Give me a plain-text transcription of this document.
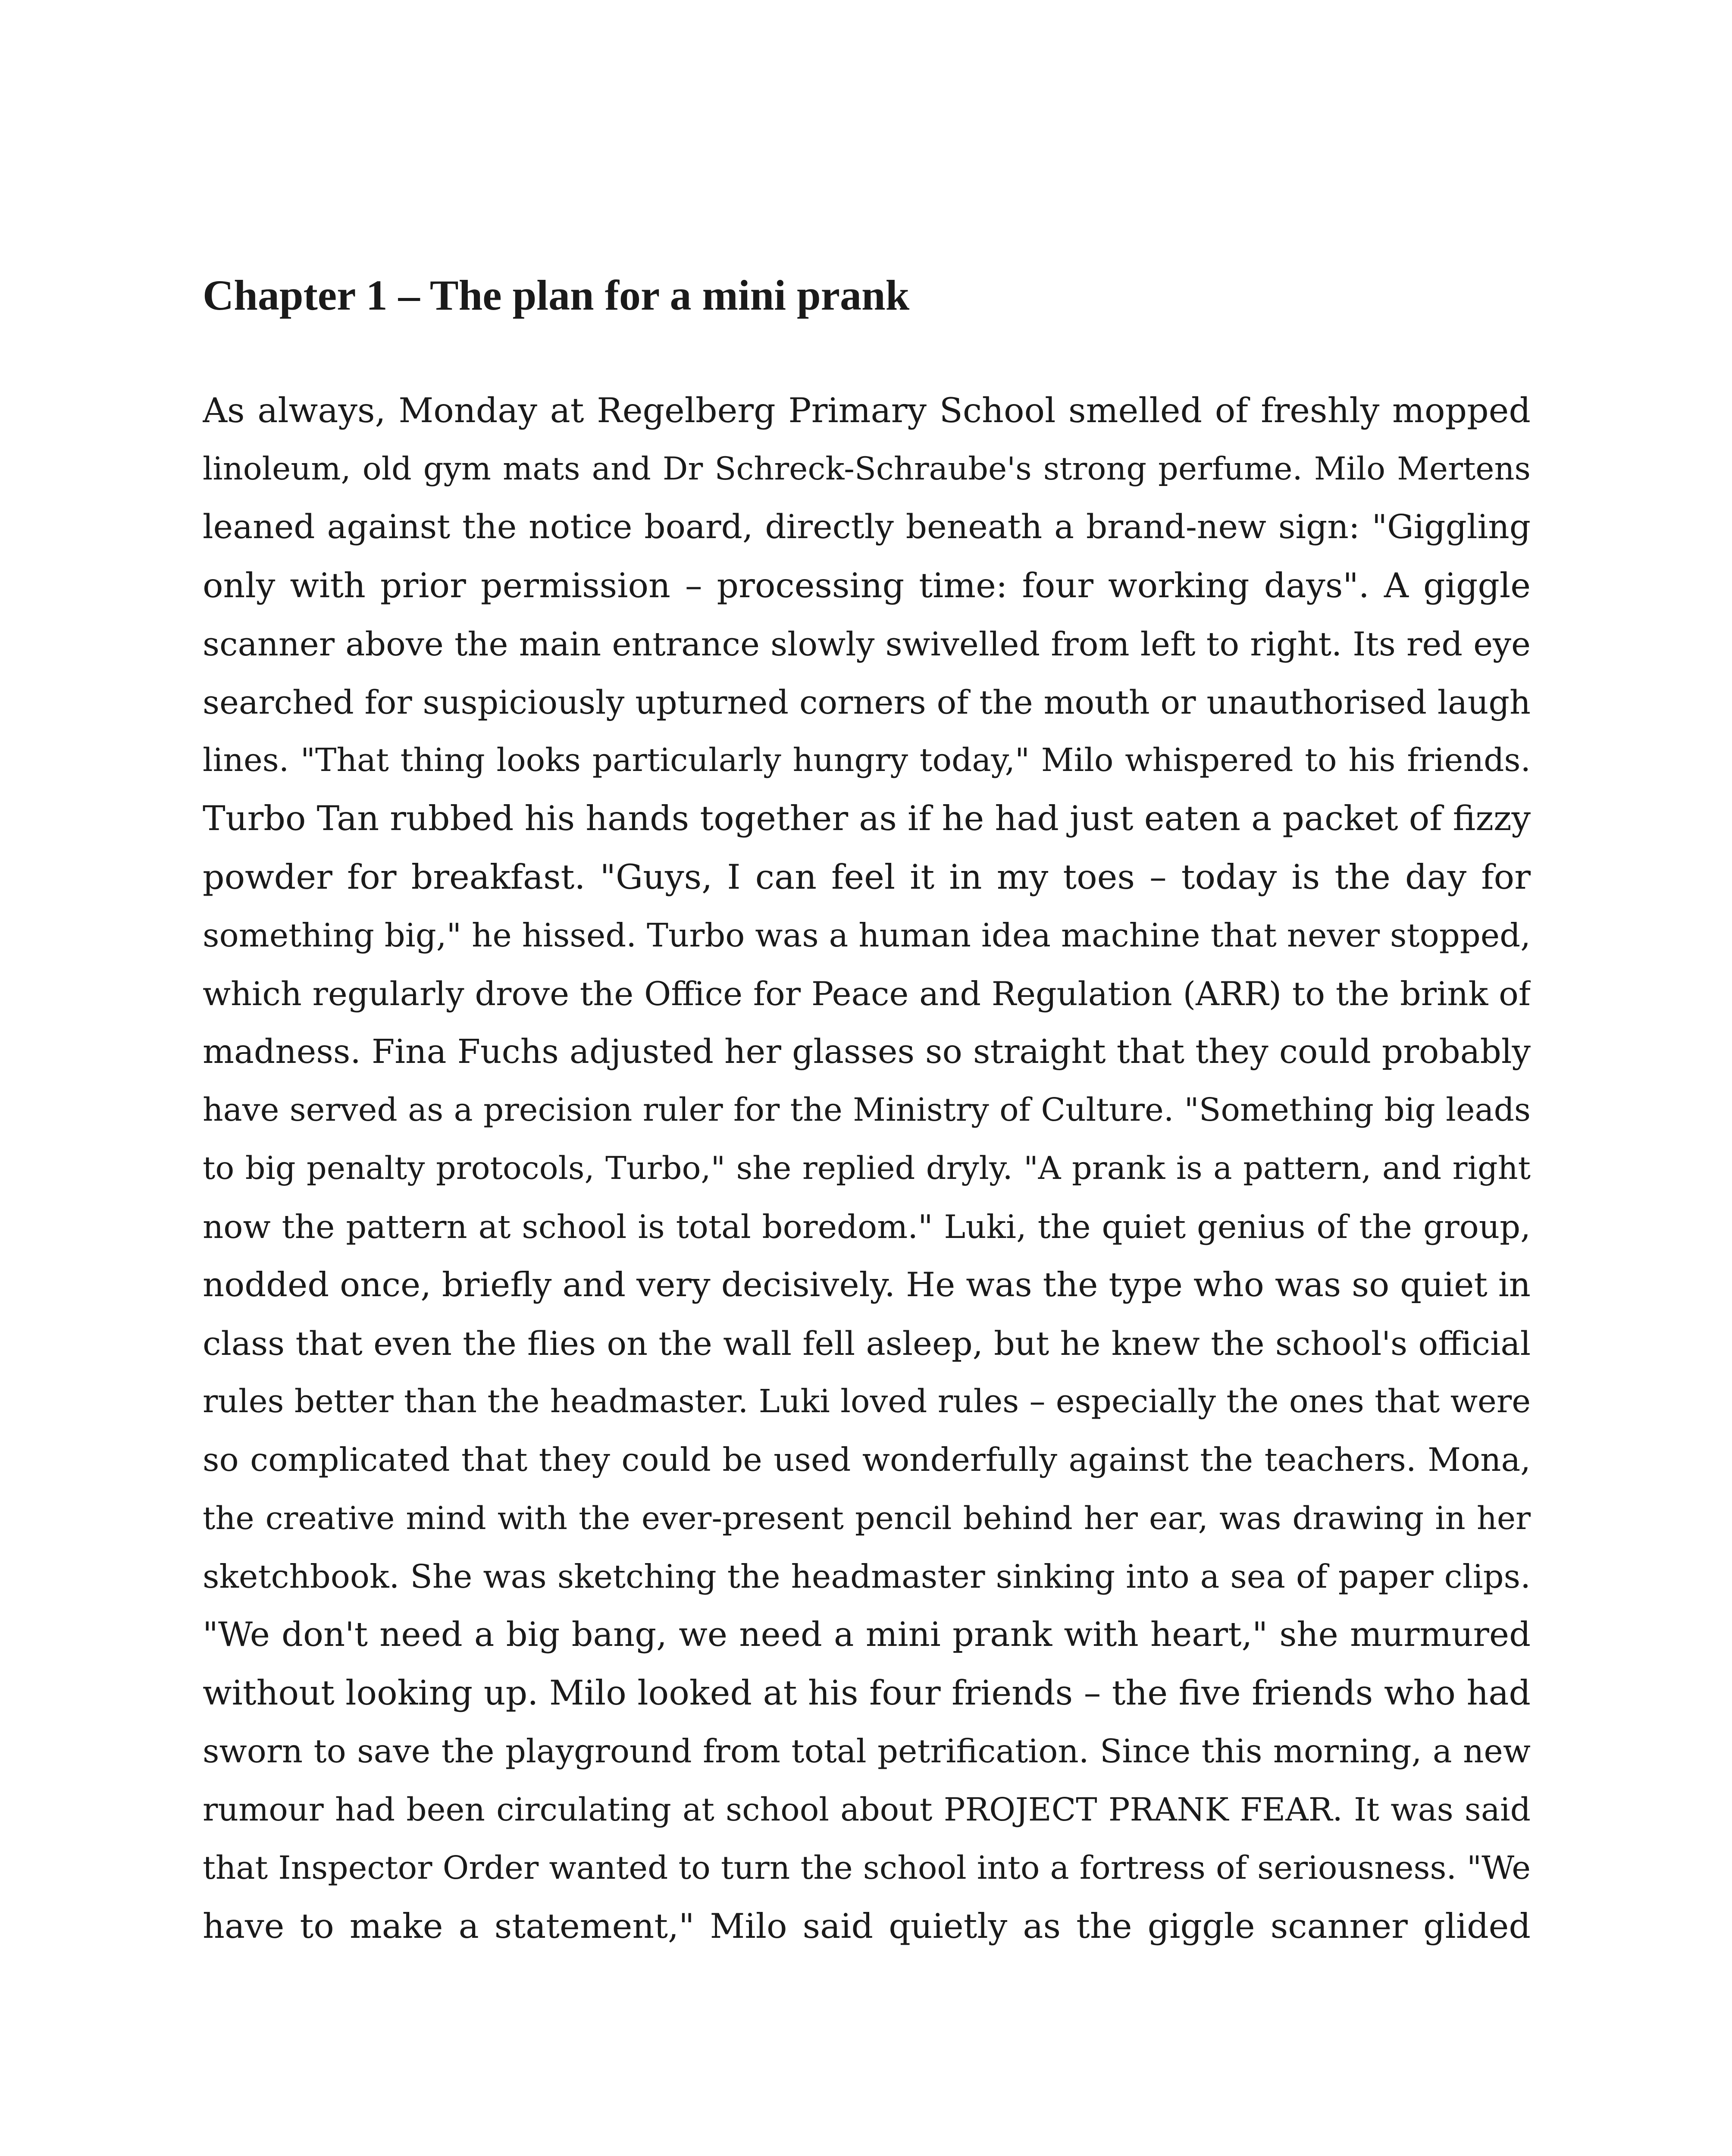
Chapter 1 – The plan for a mini prank
As always, Monday at Regelberg Primary School smelled of freshly mopped
linoleum, old gym mats and Dr Schreck-Schraube's strong perfume. Milo Mertens
leaned against the notice board, directly beneath a brand-new sign: "Giggling
only with prior permission – processing time: four working days". A giggle
scanner above the main entrance slowly swivelled from left to right. Its red eye
searched for suspiciously upturned corners of the mouth or unauthorised laugh
lines. "That thing looks particularly hungry today," Milo whispered to his friends.
Turbo Tan rubbed his hands together as if he had just eaten a packet of fizzy
powder for breakfast. "Guys, I can feel it in my toes – today is the day for
something big," he hissed. Turbo was a human idea machine that never stopped,
which regularly drove the Office for Peace and Regulation (ARR) to the brink of
madness. Fina Fuchs adjusted her glasses so straight that they could probably
have served as a precision ruler for the Ministry of Culture. "Something big leads
to big penalty protocols, Turbo," she replied dryly. "A prank is a pattern, and right
now the pattern at school is total boredom." Luki, the quiet genius of the group,
nodded once, briefly and very decisively. He was the type who was so quiet in
class that even the flies on the wall fell asleep, but he knew the school's official
rules better than the headmaster. Luki loved rules – especially the ones that were
so complicated that they could be used wonderfully against the teachers. Mona,
the creative mind with the ever-present pencil behind her ear, was drawing in her
sketchbook. She was sketching the headmaster sinking into a sea of paper clips.
"We don't need a big bang, we need a mini prank with heart," she murmured
without looking up. Milo looked at his four friends – the five friends who had
sworn to save the playground from total petrification. Since this morning, a new
rumour had been circulating at school about PROJECT PRANK FEAR. It was said
that Inspector Order wanted to turn the school into a fortress of seriousness. "We
have to make a statement," Milo said quietly as the giggle scanner glided
